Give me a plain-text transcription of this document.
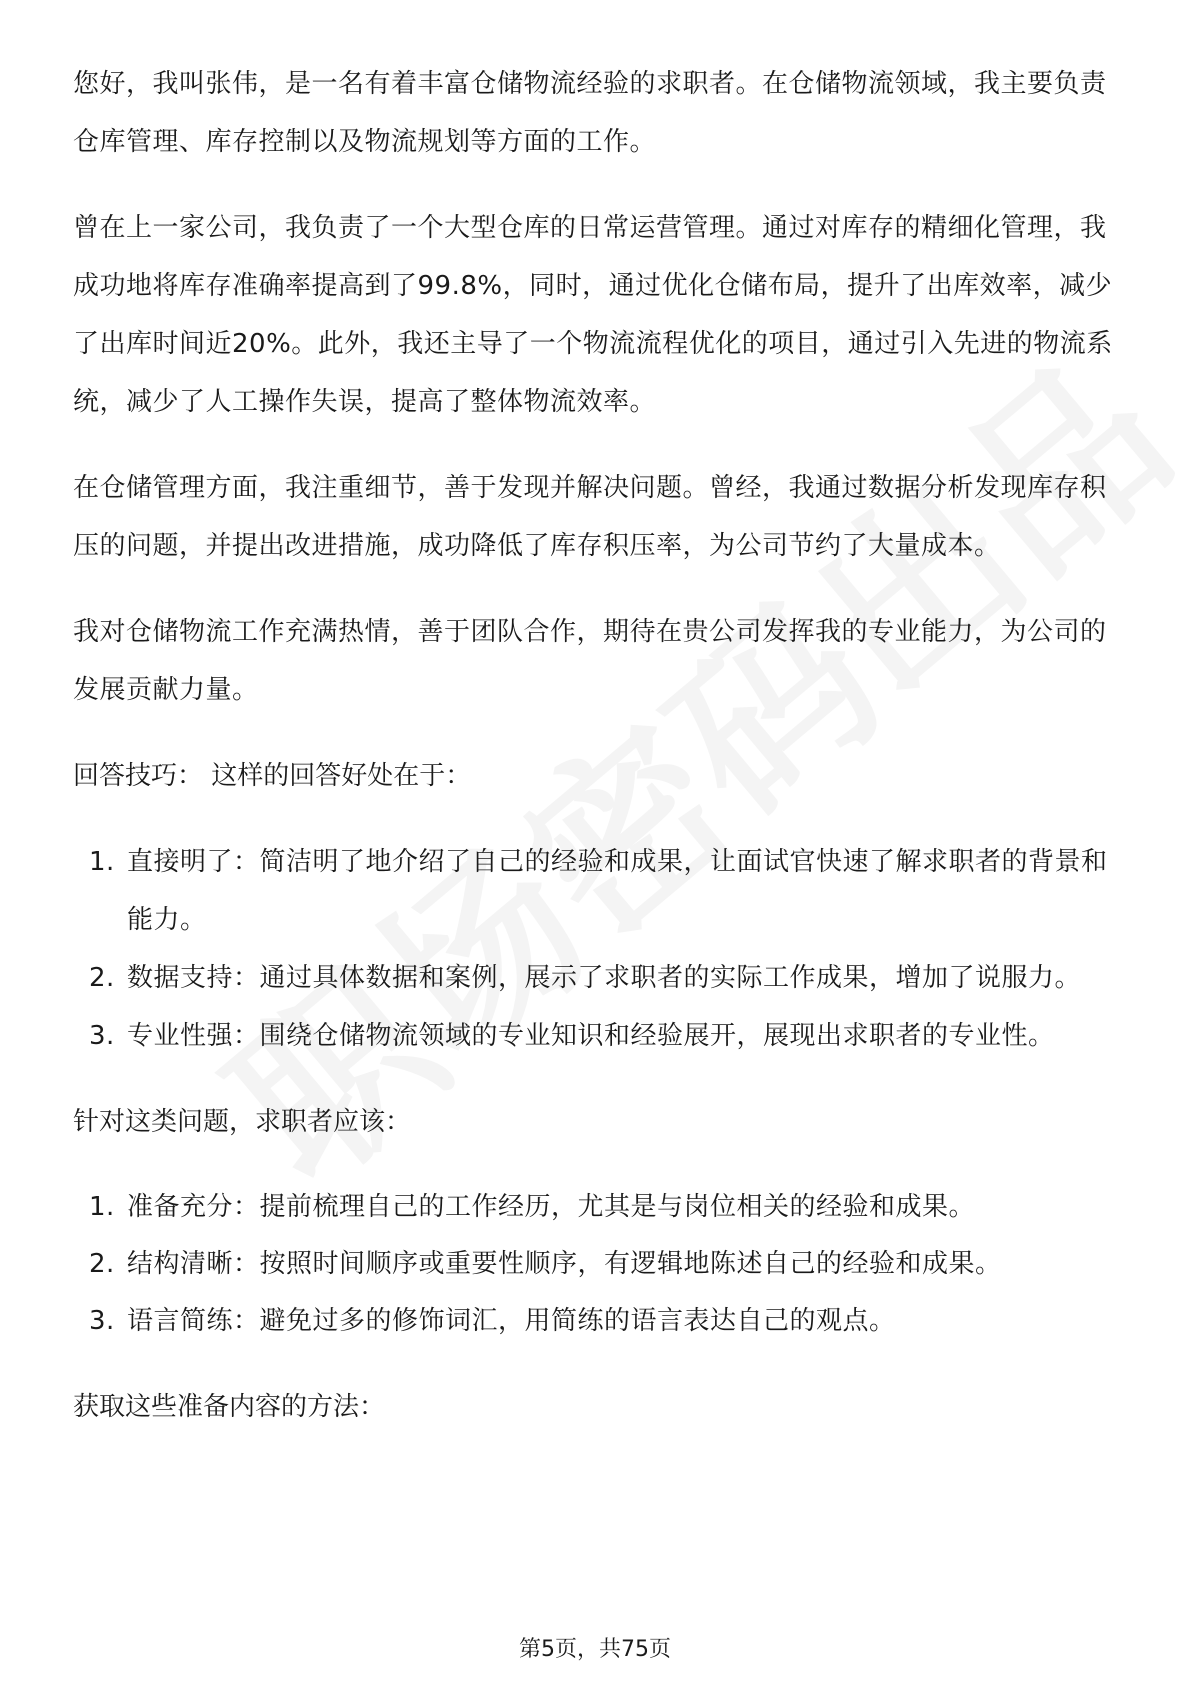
您好，我叫张伟，是一名有着丰富仓储物流经验的求职者。在仓储物流领域，我主要负责仓库管理、库存控制以及物流规划等方面的工作。

曾在上一家公司，我负责了一个大型仓库的日常运营管理。通过对库存的精细化管理，我成功地将库存准确率提高到了99.8%，同时，通过优化仓储布局，提升了出库效率，减少了出库时间近20%。此外，我还主导了一个物流流程优化的项目，通过引入先进的物流系统，减少了人工操作失误，提高了整体物流效率。

在仓储管理方面，我注重细节，善于发现并解决问题。曾经，我通过数据分析发现库存积压的问题，并提出改进措施，成功降低了库存积压率，为公司节约了大量成本。

我对仓储物流工作充满热情，善于团队合作，期待在贵公司发挥我的专业能力，为公司的发展贡献力量。

回答技巧： 这样的回答好处在于：

1. 直接明了：简洁明了地介绍了自己的经验和成果，让面试官快速了解求职者的背景和能力。
2. 数据支持：通过具体数据和案例，展示了求职者的实际工作成果，增加了说服力。
3. 专业性强：围绕仓储物流领域的专业知识和经验展开，展现出求职者的专业性。

针对这类问题，求职者应该：

1. 准备充分：提前梳理自己的工作经历，尤其是与岗位相关的经验和成果。
2. 结构清晰：按照时间顺序或重要性顺序，有逻辑地陈述自己的经验和成果。
3. 语言简练：避免过多的修饰词汇，用简练的语言表达自己的观点。

获取这些准备内容的方法：

第5页，共75页
